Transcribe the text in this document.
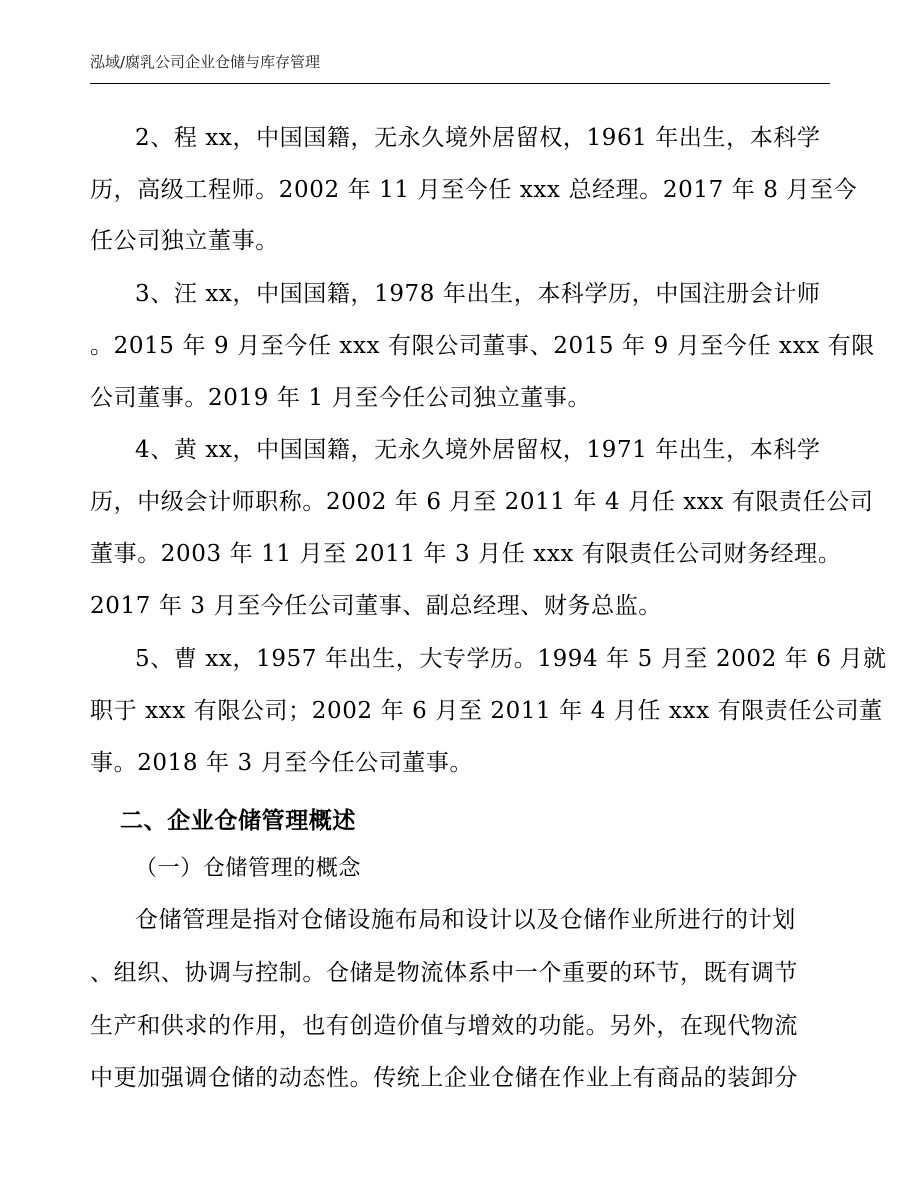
泓域/腐乳公司企业仓储与库存管理
2、程 xx，中国国籍，无永久境外居留权，1961 年出生，本科学
历，高级工程师。2002 年 11 月至今任 xxx 总经理。2017 年 8 月至今
任公司独立董事。
3、汪 xx，中国国籍，1978 年出生，本科学历，中国注册会计师
。2015 年 9 月至今任 xxx 有限公司董事、2015 年 9 月至今任 xxx 有限
公司董事。2019 年 1 月至今任公司独立董事。
4、黄 xx，中国国籍，无永久境外居留权，1971 年出生，本科学
历，中级会计师职称。2002 年 6 月至 2011 年 4 月任 xxx 有限责任公司
董事。2003 年 11 月至 2011 年 3 月任 xxx 有限责任公司财务经理。
2017 年 3 月至今任公司董事、副总经理、财务总监。
5、曹 xx，1957 年出生，大专学历。1994 年 5 月至 2002 年 6 月就
职于 xxx 有限公司；2002 年 6 月至 2011 年 4 月任 xxx 有限责任公司董
事。2018 年 3 月至今任公司董事。
二、企业仓储管理概述
（一）仓储管理的概念
仓储管理是指对仓储设施布局和设计以及仓储作业所进行的计划
、组织、协调与控制。仓储是物流体系中一个重要的环节，既有调节
生产和供求的作用，也有创造价值与增效的功能。另外，在现代物流
中更加强调仓储的动态性。传统上企业仓储在作业上有商品的装卸分
